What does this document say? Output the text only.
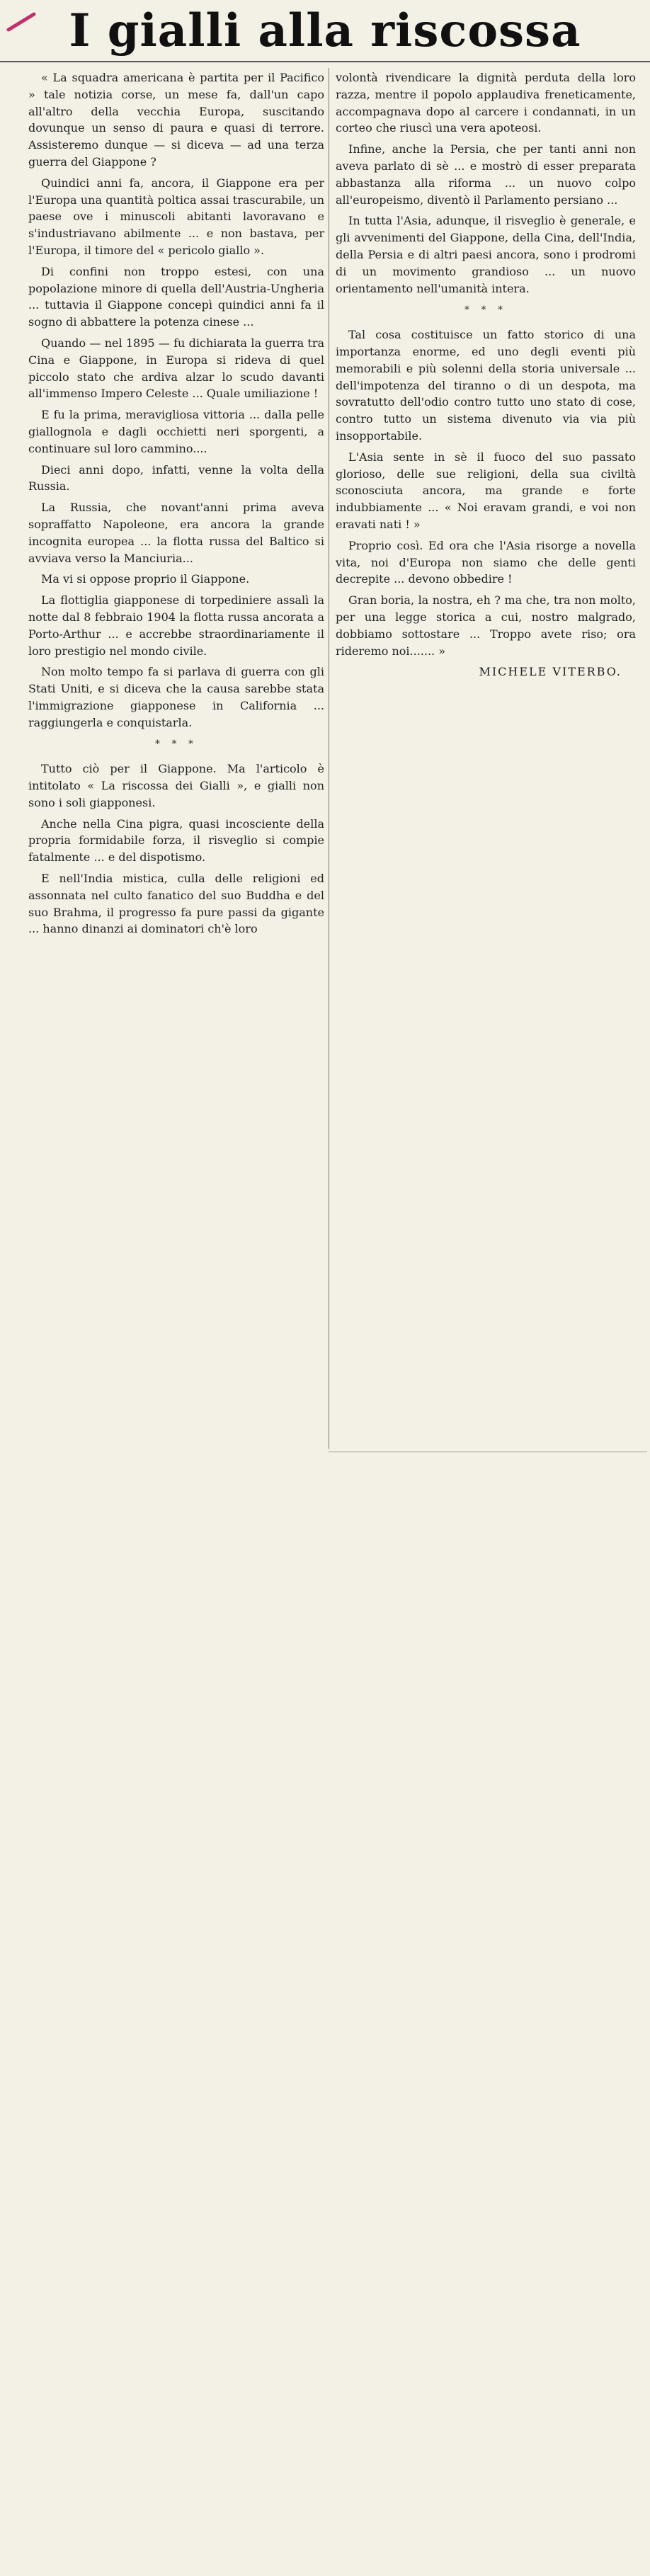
I gialli alla riscossa

« La squadra americana è partita per il Pacifico » tale notizia corse, un mese fa, dall'un capo all'altro della vecchia Europa, suscitando dovunque un senso di paura e quasi di terrore. Assisteremo dunque — si diceva — ad una terza guerra del Giappone ?

Quindici anni fa, ancora, il Giappone era per l'Europa una quantità poltica assai trascurabile, un paese ove i minuscoli abitanti lavoravano e s'industriavano abilmente ... e non bastava, per l'Europa, il timore del « pericolo giallo ».

Di confini non troppo estesi, con una popolazione minore di quella dell'Austria-Ungheria ... tuttavia il Giappone concepì quindici anni fa il sogno di abbattere la potenza cinese ...

Quando — nel 1895 — fu dichiarata la guerra tra Cina e Giappone, in Europa si rideva di quel piccolo stato che ardiva alzar lo scudo davanti all'immenso Impero Celeste ... Quale umiliazione !

E fu la prima, meravigliosa vittoria ... dalla pelle giallognola e dagli occhietti neri sporgenti, a continuare sul loro cammino....

Dieci anni dopo, infatti, venne la volta della Russia.

La Russia, che novant'anni prima aveva sopraffatto Napoleone, era ancora la grande incognita europea ... la flotta russa del Baltico si avviava verso la Manciuria...

Ma vi si oppose proprio il Giappone.

La flottiglia giapponese di torpediniere assalì la notte dal 8 febbraio 1904 la flotta russa ancorata a Porto-Arthur ... e accrebbe straordinariamente il loro prestigio nel mondo civile.

Non molto tempo fa si parlava di guerra con gli Stati Uniti, e si diceva che la causa sarebbe stata l'immigrazione giapponese in California ... raggiungerla e conquistarla.

* * *

Tutto ciò per il Giappone. Ma l'articolo è intitolato « La riscossa dei Gialli », e gialli non sono i soli giapponesi.

Anche nella Cina pigra, quasi incosciente della propria formidabile forza, il risveglio si compie fatalmente ... e del dispotismo.

E nell'India mistica, culla delle religioni ed assonnata nel culto fanatico del suo Buddha e del suo Brahma, il progresso fa pure passi da gigante ... hanno dinanzi ai dominatori ch'è loro

volontà rivendicare la dignità perduta della loro razza, mentre il popolo applaudiva freneticamente, accompagnava dopo al carcere i condannati, in un corteo che riuscì una vera apoteosi.

Infine, anche la Persia, che per tanti anni non aveva parlato di sè ... e mostrò di esser preparata abbastanza alla riforma ... un nuovo colpo all'europeismo, diventò il Parlamento persiano ...

In tutta l'Asia, adunque, il risveglio è generale, e gli avvenimenti del Giappone, della Cina, dell'India, della Persia e di altri paesi ancora, sono i prodromi di un movimento grandioso ... un nuovo orientamento nell'umanità intera.

* * *

Tal cosa costituisce un fatto storico di una importanza enorme, ed uno degli eventi più memorabili e più solenni della storia universale ... dell'impotenza del tiranno o di un despota, ma sovratutto dell'odio contro tutto uno stato di cose, contro tutto un sistema divenuto via via più insopportabile.

L'Asia sente in sè il fuoco del suo passato glorioso, delle sue religioni, della sua civiltà sconosciuta ancora, ma grande e forte indubbiamente ... « Noi eravam grandi, e voi non eravati nati ! »

Proprio così. Ed ora che l'Asia risorge a novella vita, noi d'Europa non siamo che delle genti decrepite ... devono obbedire !

Gran boria, la nostra, eh ? ma che, tra non molto, per una legge storica a cui, nostro malgrado, dobbiamo sottostare ... Troppo avete riso; ora rideremo noi....... »

MICHELE VITERBO.
